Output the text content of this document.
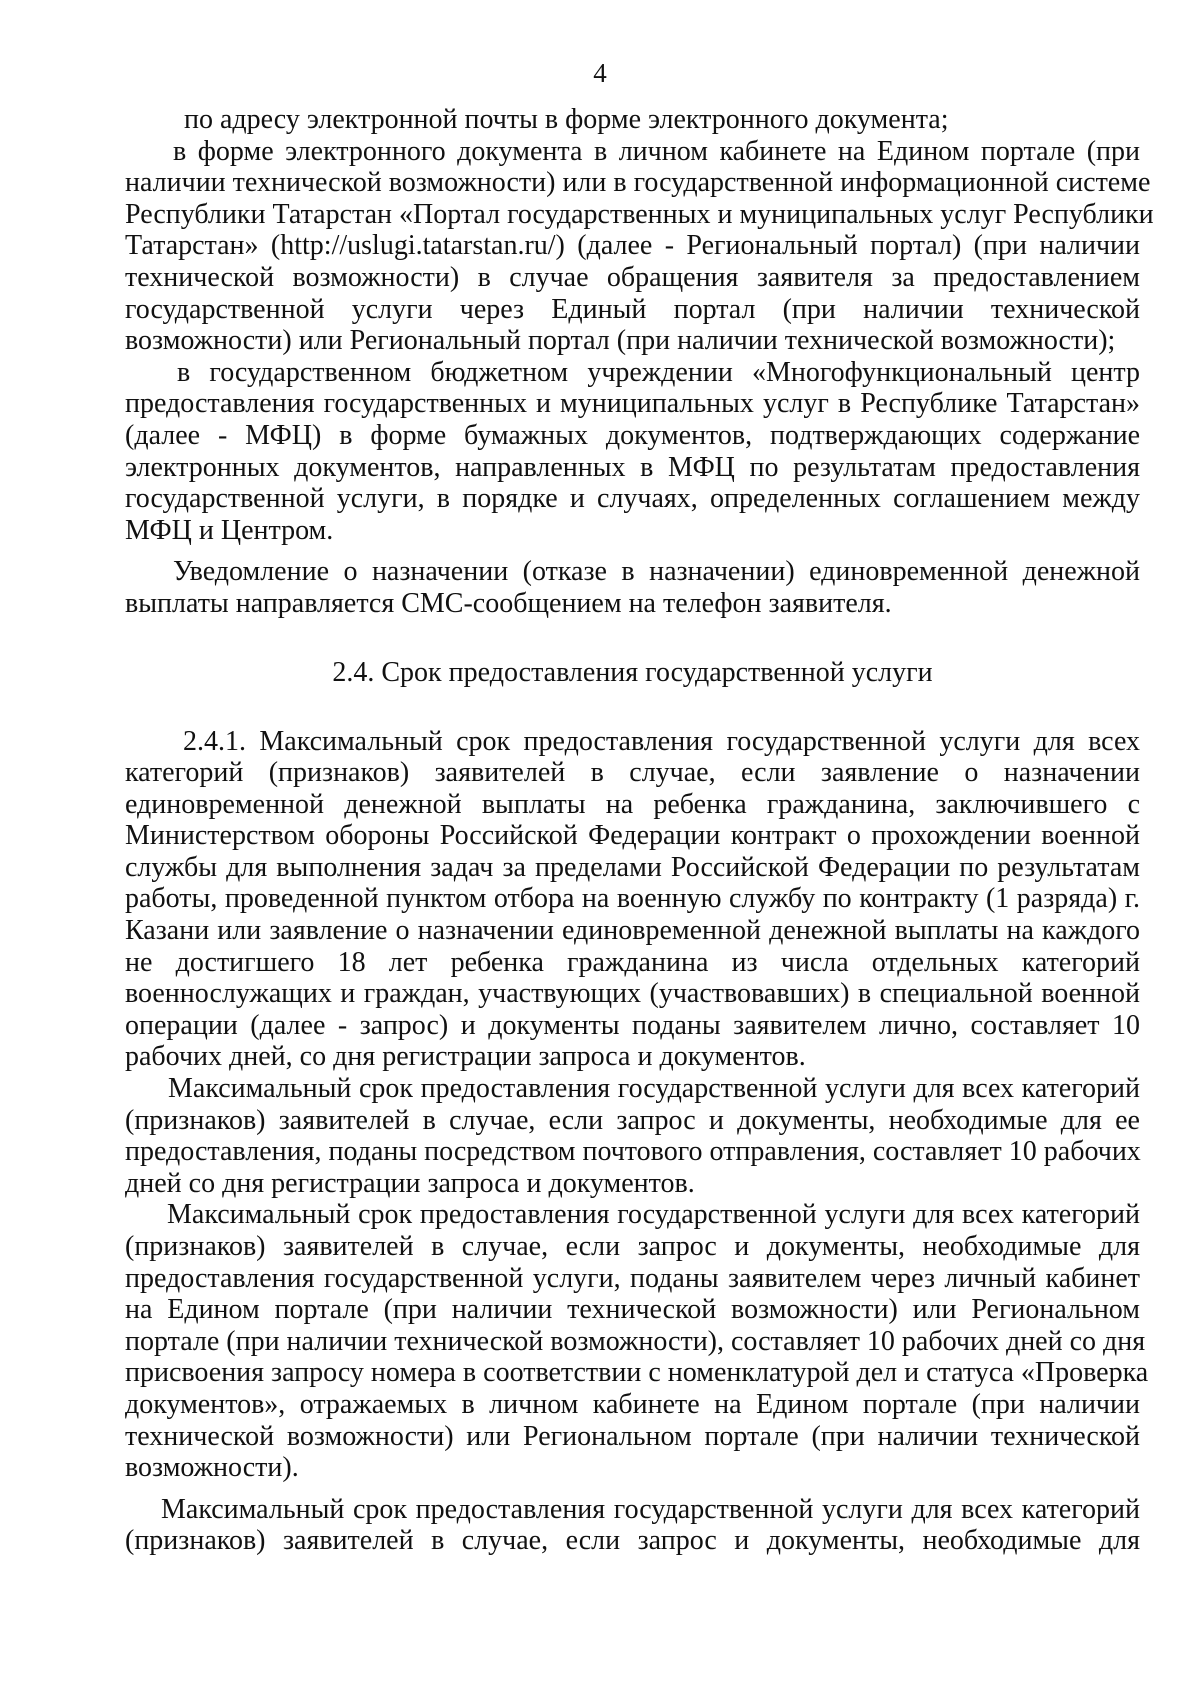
4
по адресу электронной почты в форме электронного документа;
в форме электронного документа в личном кабинете на Едином портале (при
наличии технической возможности) или в государственной информационной системе
Республики Татарстан «Портал государственных и муниципальных услуг Республики
Татарстан» (http://uslugi.tatarstan.ru/) (далее - Региональный портал) (при наличии
технической возможности) в случае обращения заявителя за предоставлением
государственной услуги через Единый портал (при наличии технической
возможности) или Региональный портал (при наличии технической возможности);
в государственном бюджетном учреждении «Многофункциональный центр
предоставления государственных и муниципальных услуг в Республике Татарстан»
(далее - МФЦ) в форме бумажных документов, подтверждающих содержание
электронных документов, направленных в МФЦ по результатам предоставления
государственной услуги, в порядке и случаях, определенных соглашением между
МФЦ и Центром.
Уведомление о назначении (отказе в назначении) единовременной денежной
выплаты направляется СМС-сообщением на телефон заявителя.
2.4. Срок предоставления государственной услуги
2.4.1. Максимальный срок предоставления государственной услуги для всех
категорий (признаков) заявителей в случае, если заявление о назначении
единовременной денежной выплаты на ребенка гражданина, заключившего с
Министерством обороны Российской Федерации контракт о прохождении военной
службы для выполнения задач за пределами Российской Федерации по результатам
работы, проведенной пунктом отбора на военную службу по контракту (1 разряда) г.
Казани или заявление о назначении единовременной денежной выплаты на каждого
не достигшего 18 лет ребенка гражданина из числа отдельных категорий
военнослужащих и граждан, участвующих (участвовавших) в специальной военной
операции (далее - запрос) и документы поданы заявителем лично, составляет 10
рабочих дней, со дня регистрации запроса и документов.
Максимальный срок предоставления государственной услуги для всех категорий
(признаков) заявителей в случае, если запрос и документы, необходимые для ее
предоставления, поданы посредством почтового отправления, составляет 10 рабочих
дней со дня регистрации запроса и документов.
Максимальный срок предоставления государственной услуги для всех категорий
(признаков) заявителей в случае, если запрос и документы, необходимые для
предоставления государственной услуги, поданы заявителем через личный кабинет
на Едином портале (при наличии технической возможности) или Региональном
портале (при наличии технической возможности), составляет 10 рабочих дней со дня
присвоения запросу номера в соответствии с номенклатурой дел и статуса «Проверка
документов», отражаемых в личном кабинете на Едином портале (при наличии
технической возможности) или Региональном портале (при наличии технической
возможности).
Максимальный срок предоставления государственной услуги для всех категорий
(признаков) заявителей в случае, если запрос и документы, необходимые для
